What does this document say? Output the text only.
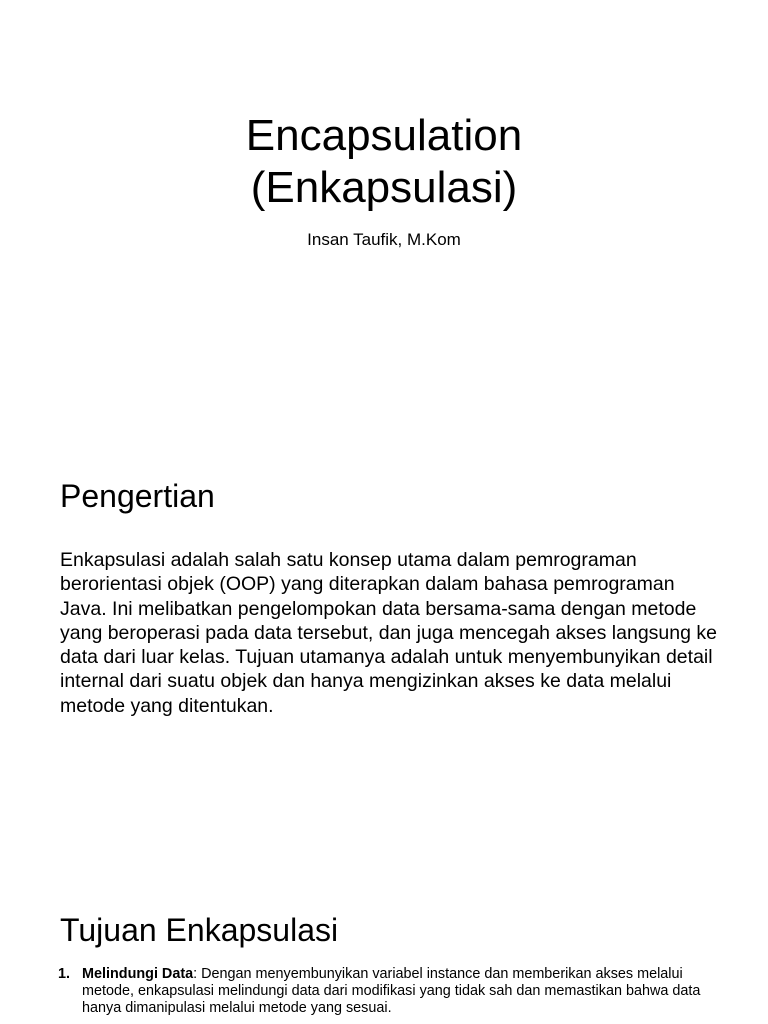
Encapsulation
(Enkapsulasi)
Insan Taufik, M.Kom
Pengertian

Enkapsulasi adalah salah satu konsep utama dalam pemrograman berorientasi objek (OOP) yang diterapkan dalam bahasa pemrograman Java. Ini melibatkan pengelompokan data bersama-sama dengan metode yang beroperasi pada data tersebut, dan juga mencegah akses langsung ke data dari luar kelas. Tujuan utamanya adalah untuk menyembunyikan detail internal dari suatu objek dan hanya mengizinkan akses ke data melalui metode yang ditentukan.

Tujuan Enkapsulasi
1. Melindungi Data: Dengan menyembunyikan variabel instance dan memberikan akses melalui metode, enkapsulasi melindungi data dari modifikasi yang tidak sah dan memastikan bahwa data hanya dimanipulasi melalui metode yang sesuai.
